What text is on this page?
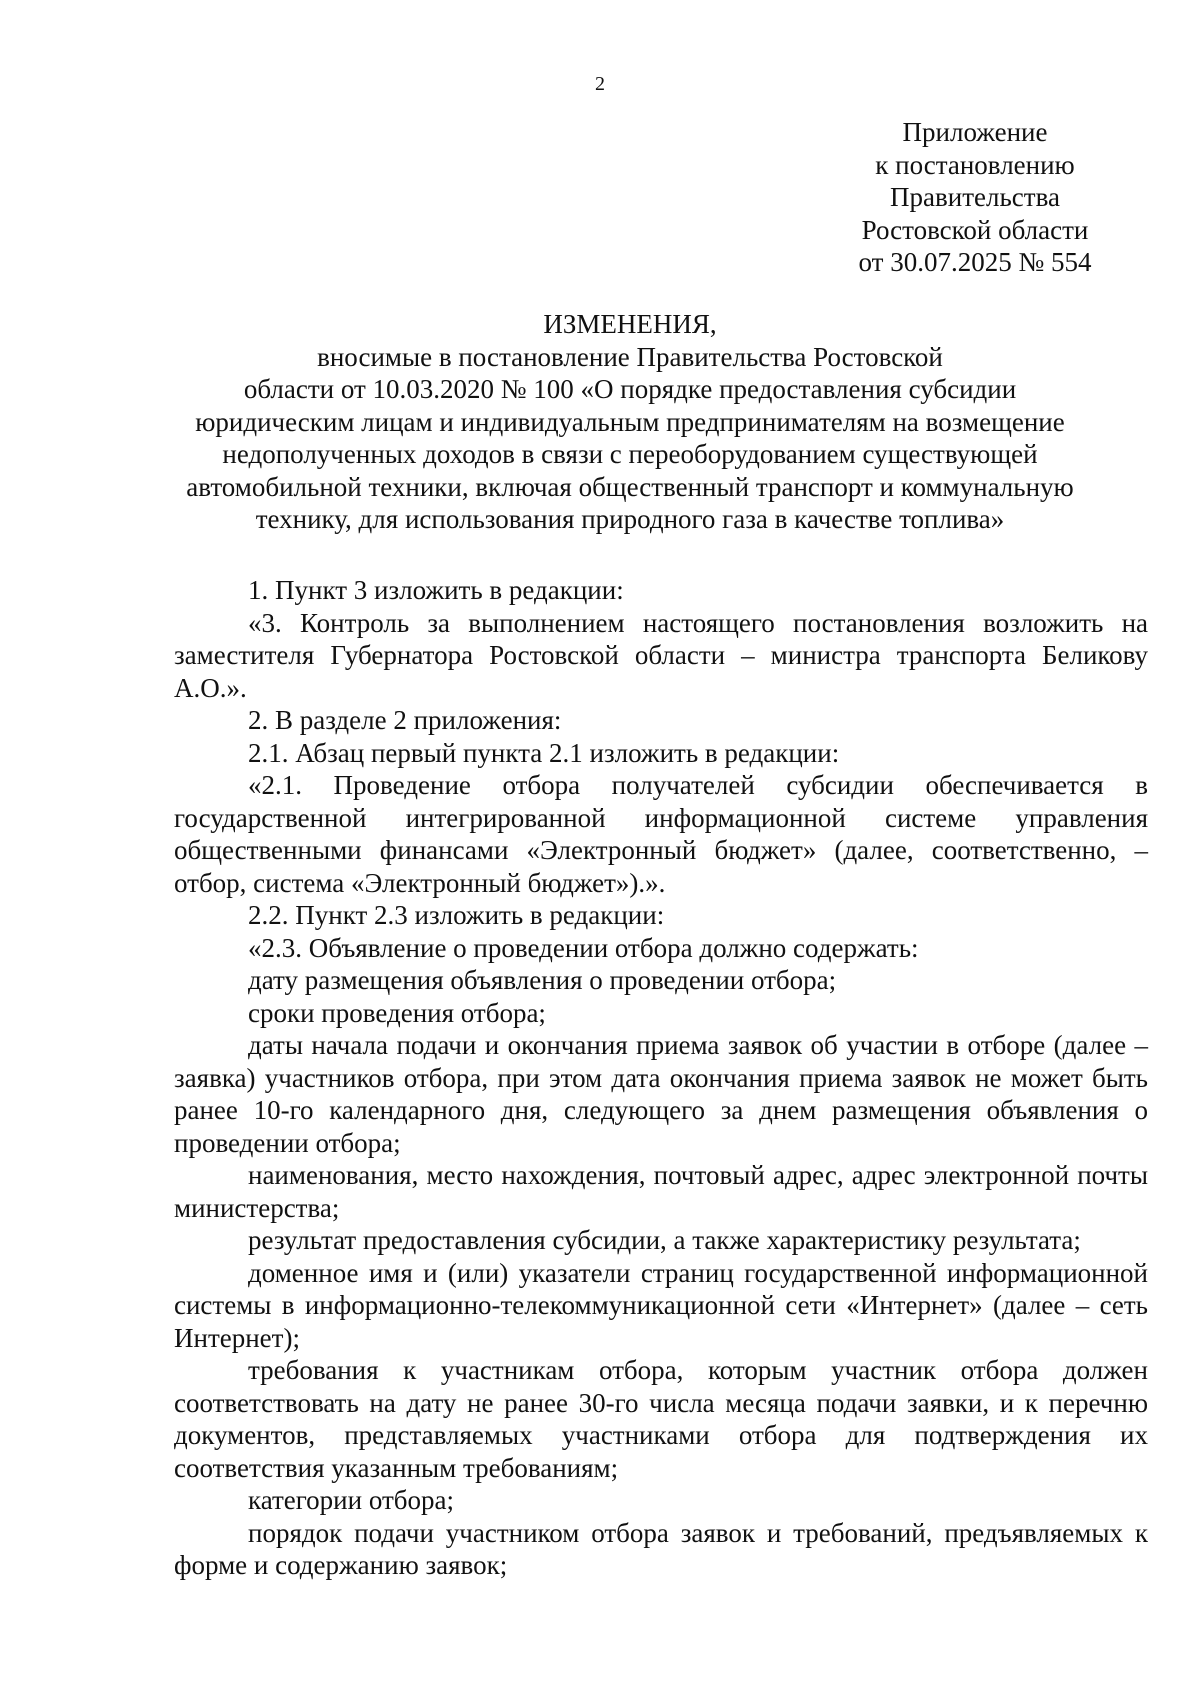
2
Приложение
к постановлению
Правительства
Ростовской области
от 30.07.2025 № 554
ИЗМЕНЕНИЯ,
вносимые в постановление Правительства Ростовской
области от 10.03.2020 № 100 «О порядке предоставления субсидии
юридическим лицам и индивидуальным предпринимателям на возмещение
недополученных доходов в связи с переоборудованием существующей
автомобильной техники, включая общественный транспорт и коммунальную
технику, для использования природного газа в качестве топлива»

1. Пункт 3 изложить в редакции:

«3. Контроль за выполнением настоящего постановления возложить на заместителя Губернатора Ростовской области – министра транспорта Беликову А.О.».

2. В разделе 2 приложения:

2.1. Абзац первый пункта 2.1 изложить в редакции:

«2.1. Проведение отбора получателей субсидии обеспечивается в государственной интегрированной информационной системе управления общественными финансами «Электронный бюджет» (далее, соответственно, – отбор, система «Электронный бюджет»).».

2.2. Пункт 2.3 изложить в редакции:

«2.3. Объявление о проведении отбора должно содержать:

дату размещения объявления о проведении отбора;

сроки проведения отбора;

даты начала подачи и окончания приема заявок об участии в отборе (далее – заявка) участников отбора, при этом дата окончания приема заявок не может быть ранее 10-го календарного дня, следующего за днем размещения объявления о проведении отбора;

наименования, место нахождения, почтовый адрес, адрес электронной почты министерства;

результат предоставления субсидии, а также характеристику результата;

доменное имя и (или) указатели страниц государственной информационной системы в информационно-телекоммуникационной сети «Интернет» (далее – сеть Интернет);

требования к участникам отбора, которым участник отбора должен соответствовать на дату не ранее 30-го числа месяца подачи заявки, и к перечню документов, представляемых участниками отбора для подтверждения их соответствия указанным требованиям;

категории отбора;

порядок подачи участником отбора заявок и требований, предъявляемых к форме и содержанию заявок;
